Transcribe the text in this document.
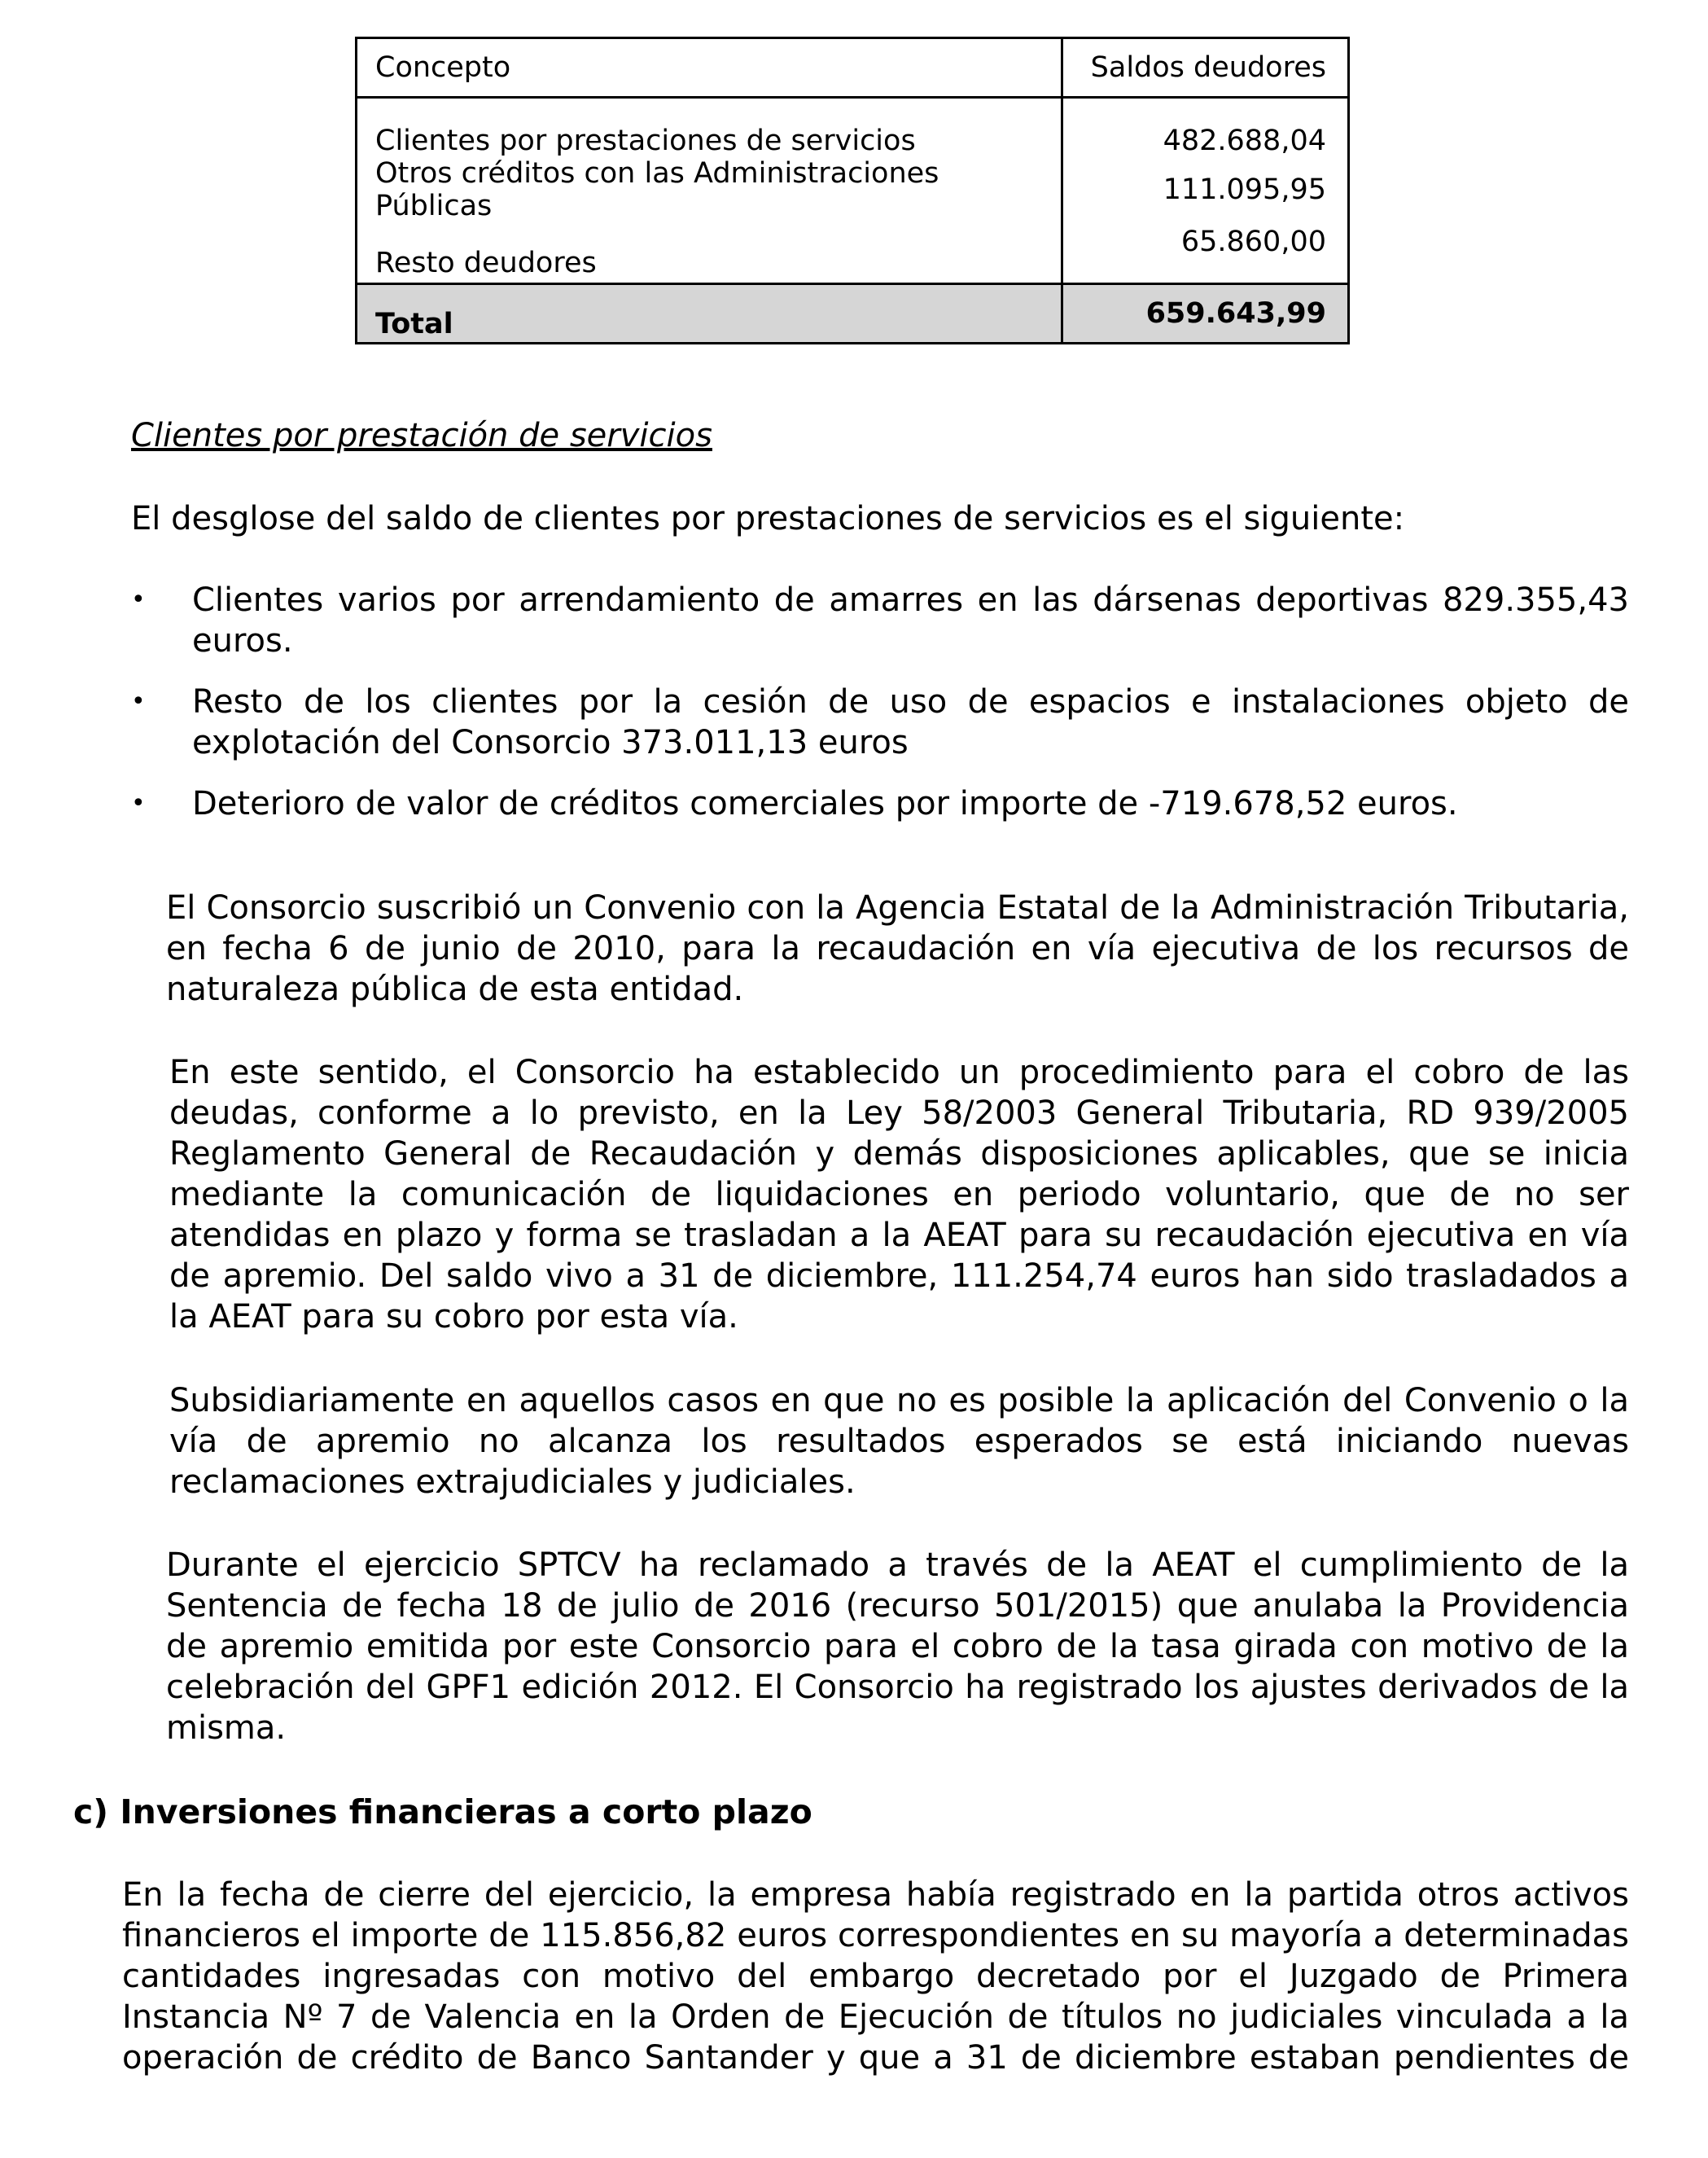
Concepto	Saldos deudores
Clientes por prestaciones de servicios	482.688,04
Otros créditos con las Administraciones Públicas	111.095,95
Resto deudores	65.860,00
Total	659.643,99
Clientes por prestación de servicios
El desglose del saldo de clientes por prestaciones de servicios es el siguiente:
• Clientes varios por arrendamiento de amarres en las dársenas deportivas 829.355,43 euros.
• Resto de los clientes por la cesión de uso de espacios e instalaciones objeto de explotación del Consorcio 373.011,13 euros
• Deterioro de valor de créditos comerciales por importe de -719.678,52 euros.
El Consorcio suscribió un Convenio con la Agencia Estatal de la Administración Tributaria, en fecha 6 de junio de 2010, para la recaudación en vía ejecutiva de los recursos de naturaleza pública de esta entidad.
En este sentido, el Consorcio ha establecido un procedimiento para el cobro de las deudas, conforme a lo previsto, en la Ley 58/2003 General Tributaria, RD 939/2005 Reglamento General de Recaudación y demás disposiciones aplicables, que se inicia mediante la comunicación de liquidaciones en periodo voluntario, que de no ser atendidas en plazo y forma se trasladan a la AEAT para su recaudación ejecutiva en vía de apremio. Del saldo vivo a 31 de diciembre, 111.254,74 euros han sido trasladados a la AEAT para su cobro por esta vía.
Subsidiariamente en aquellos casos en que no es posible la aplicación del Convenio o la vía de apremio no alcanza los resultados esperados se está iniciando nuevas reclamaciones extrajudiciales y judiciales.
Durante el ejercicio SPTCV ha reclamado a través de la AEAT el cumplimiento de la Sentencia de fecha 18 de julio de 2016 (recurso 501/2015) que anulaba la Providencia de apremio emitida por este Consorcio para el cobro de la tasa girada con motivo de la celebración del GPF1 edición 2012. El Consorcio ha registrado los ajustes derivados de la misma.
c) Inversiones financieras a corto plazo
En la fecha de cierre del ejercicio, la empresa había registrado en la partida otros activos financieros el importe de 115.856,82 euros correspondientes en su mayoría a determinadas cantidades ingresadas con motivo del embargo decretado por el Juzgado de Primera Instancia Nº 7 de Valencia en la Orden de Ejecución de títulos no judiciales vinculada a la operación de crédito de Banco Santander y que a 31 de diciembre estaban pendientes de
